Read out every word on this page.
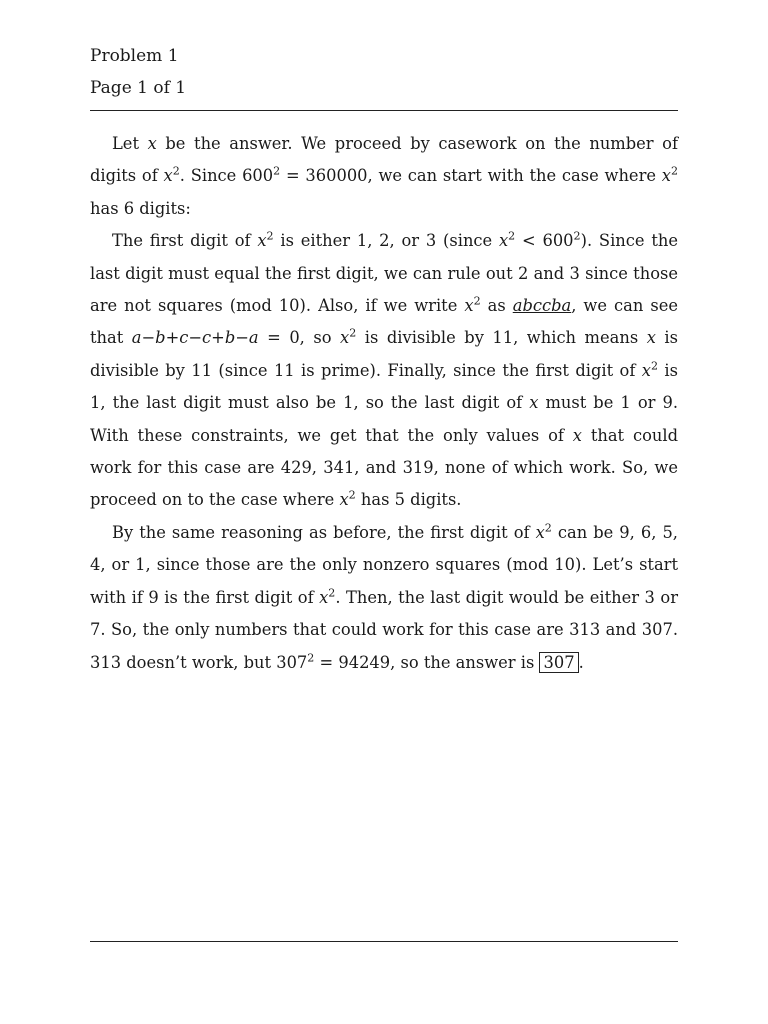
Problem 1
Page 1 of 1

Let x be the answer. We proceed by casework on the number of digits of $x^2$. Since $600^2 = 360000$, we can start with the case where $x^2$ has 6 digits:

The first digit of $x^2$ is either 1, 2, or 3 (since $x^2 < 600^2$). Since the last digit must equal the first digit, we can rule out 2 and 3 since those are not squares (mod 10). Also, if we write $x^2$ as abccba, we can see that a−b+c−c+b−a = 0, so $x^2$ is divisible by 11, which means x is divisible by 11 (since 11 is prime). Finally, since the first digit of $x^2$ is 1, the last digit must also be 1, so the last digit of x must be 1 or 9. With these constraints, we get that the only values of x that could work for this case are 429, 341, and 319, none of which work. So, we proceed on to the case where $x^2$ has 5 digits.

By the same reasoning as before, the first digit of $x^2$ can be 9, 6, 5, 4, or 1, since those are the only nonzero squares (mod 10). Let’s start with if 9 is the first digit of $x^2$. Then, the last digit would be either 3 or 7. So, the only numbers that could work for this case are 313 and 307. 313 doesn’t work, but $307^2 = 94249$, so the answer is 307 .
